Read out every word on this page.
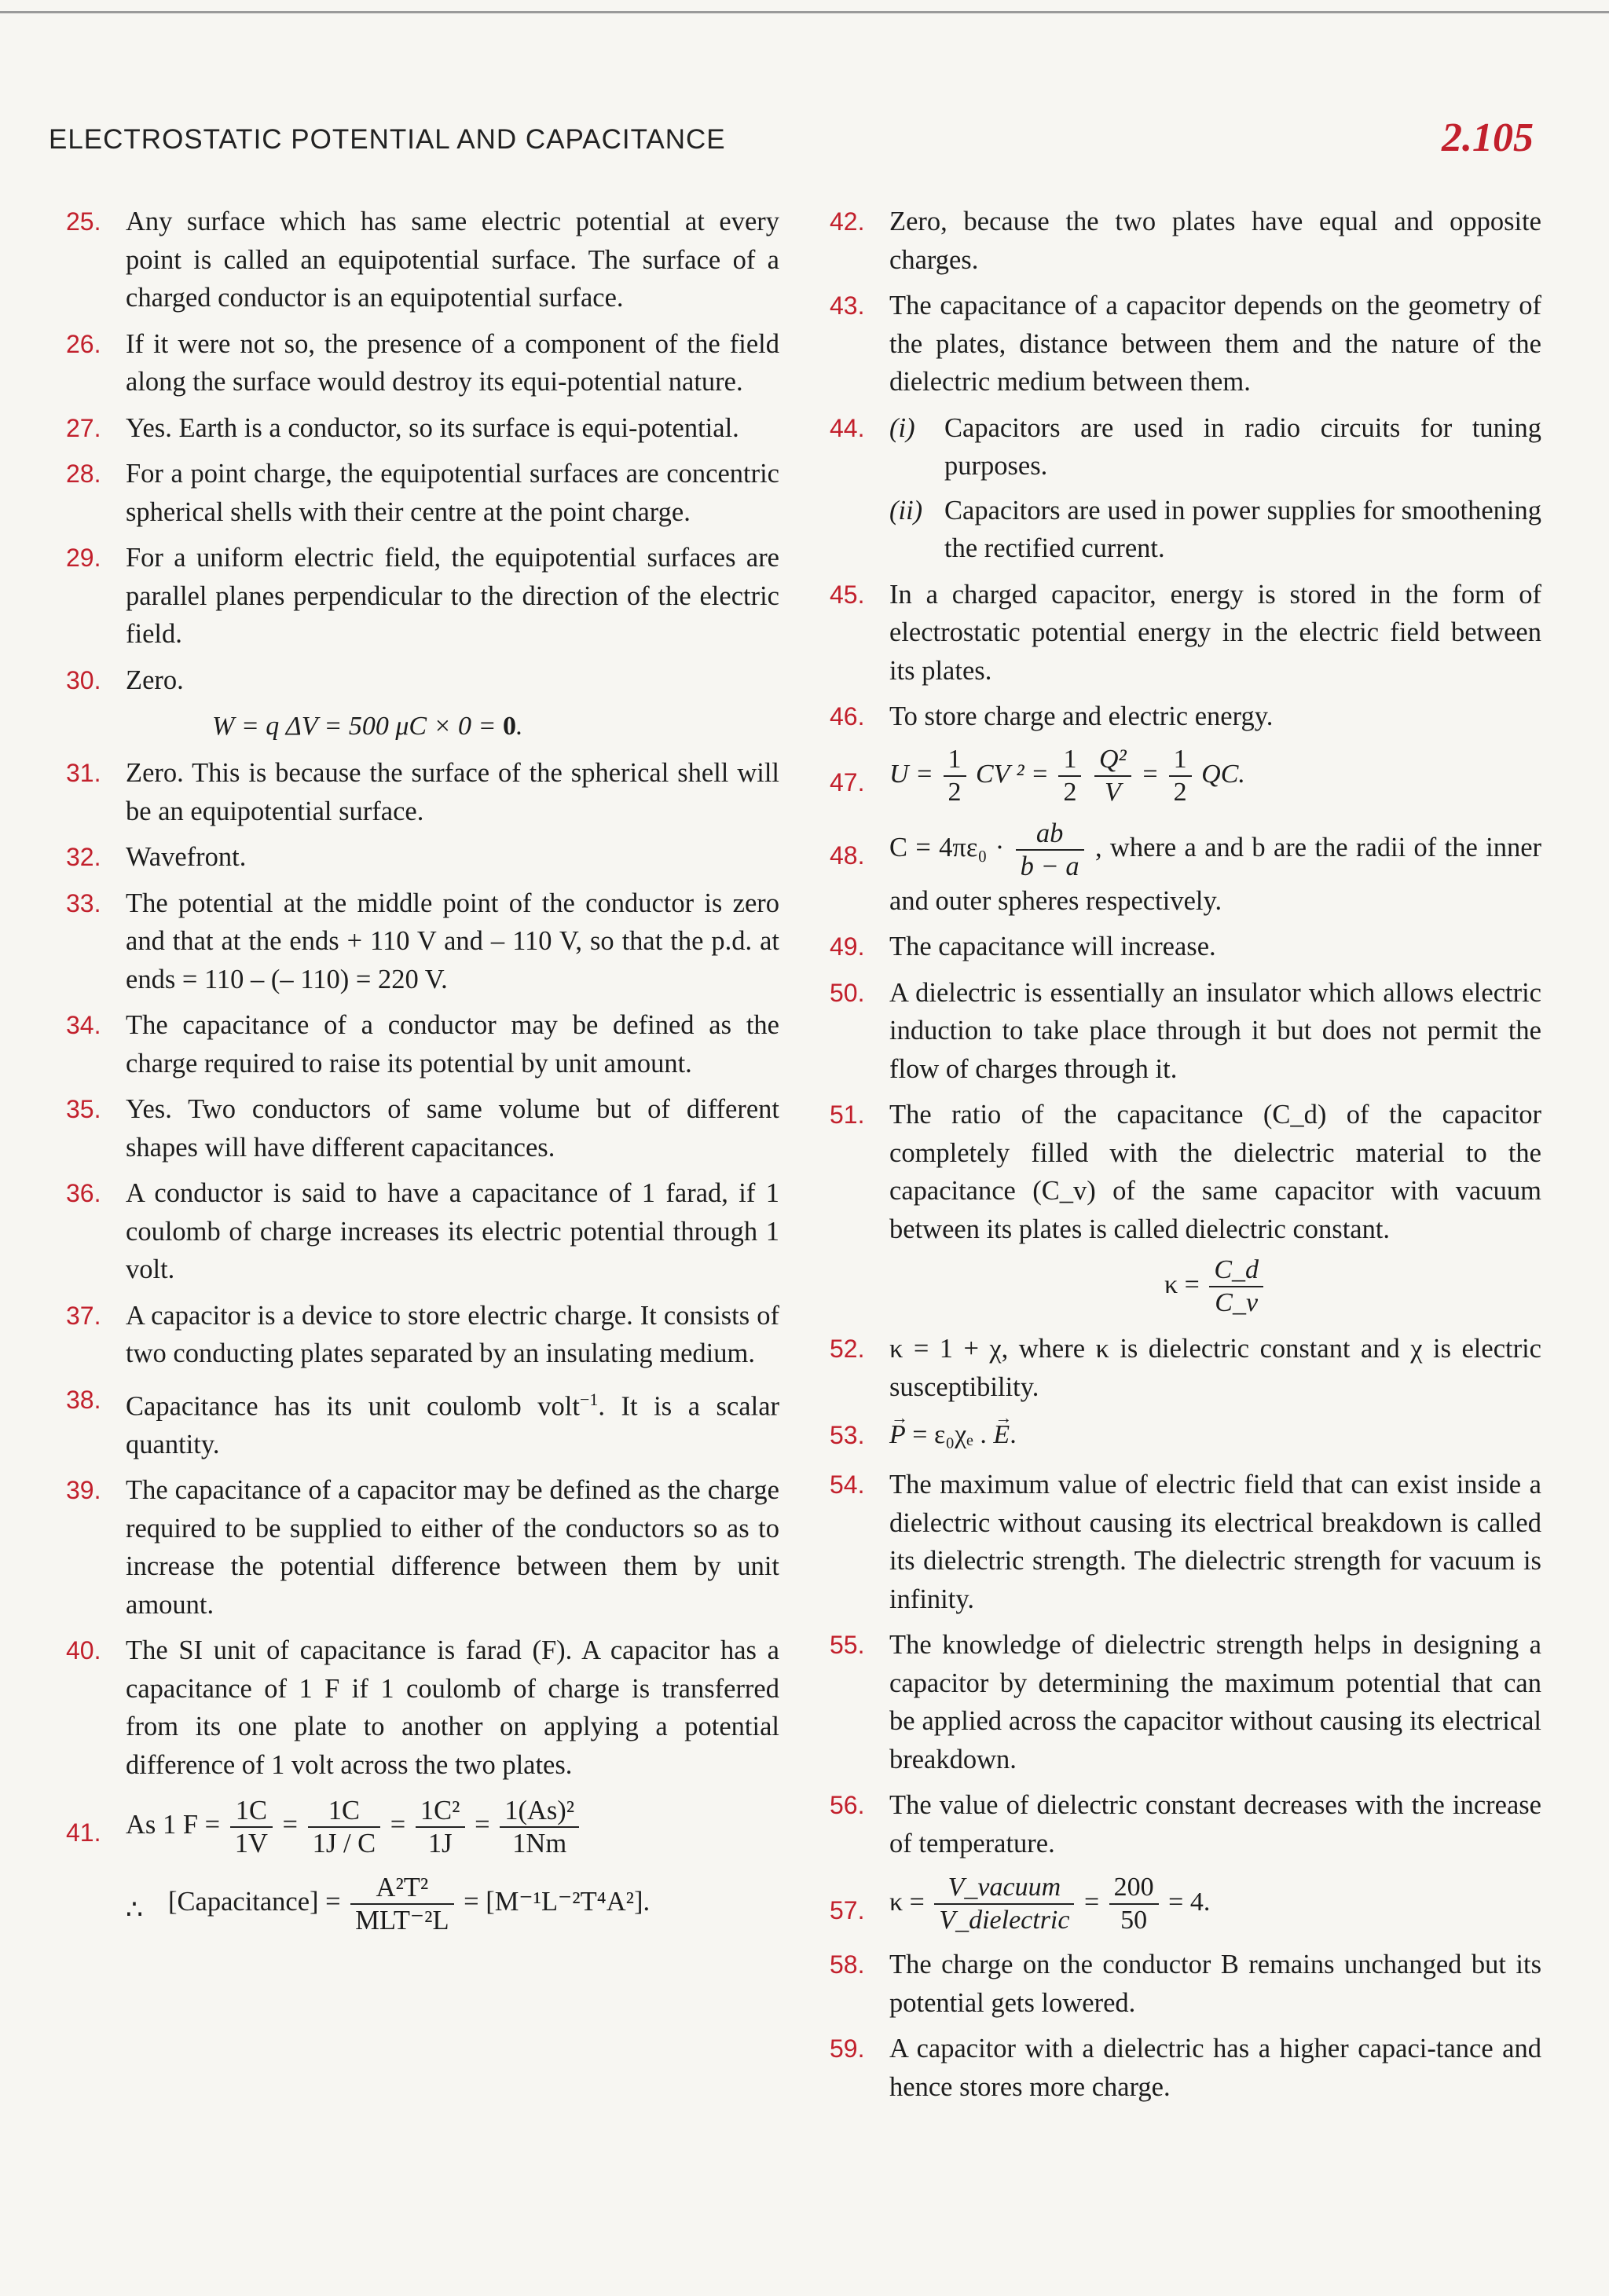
ELECTROSTATIC POTENTIAL AND CAPACITANCE	2.105
25. Any surface which has same electric potential at every point is called an equipotential surface. The surface of a charged conductor is an equipotential surface.
26. If it were not so, the presence of a component of the field along the surface would destroy its equi-potential nature.
27. Yes. Earth is a conductor, so its surface is equi-potential.
28. For a point charge, the equipotential surfaces are concentric spherical shells with their centre at the point charge.
29. For a uniform electric field, the equipotential surfaces are parallel planes perpendicular to the direction of the electric field.
30. Zero.
W = q ΔV = 500 μC × 0 = 0.
31. Zero. This is because the surface of the spherical shell will be an equipotential surface.
32. Wavefront.
33. The potential at the middle point of the conductor is zero and that at the ends + 110 V and – 110 V, so that the p.d. at ends = 110 – (– 110) = 220 V.
34. The capacitance of a conductor may be defined as the charge required to raise its potential by unit amount.
35. Yes. Two conductors of same volume but of different shapes will have different capacitances.
36. A conductor is said to have a capacitance of 1 farad, if 1 coulomb of charge increases its electric potential through 1 volt.
37. A capacitor is a device to store electric charge. It consists of two conducting plates separated by an insulating medium.
38. Capacitance has its unit coulomb volt$^{-1}$. It is a scalar quantity.
39. The capacitance of a capacitor may be defined as the charge required to be supplied to either of the conductors so as to increase the potential difference between them by unit amount.
40. The SI unit of capacitance is farad (F). A capacitor has a capacitance of 1 F if 1 coulomb of charge is transferred from its one plate to another on applying a potential difference of 1 volt across the two plates.
41. As 1 $F = \frac{1C}{1V} = \frac{1C}{1J / C} = \frac{\text{1C²}}{1J} = \frac{\text{1(As)²}}{1Nm}$
∴ [Capacitance] = $\frac{\text{A²T²}}{\text{MLT⁻²L}} = [M^{-1}L^{-2}T^4A^2]$.
42. Zero, because the two plates have equal and opposite charges.
43. The capacitance of a capacitor depends on the geometry of the plates, distance between them and the nature of the dielectric medium between them.
44. (i) Capacitors are used in radio circuits for tuning purposes.
(ii) Capacitors are used in power supplies for smoothening the rectified current.
45. In a charged capacitor, energy is stored in the form of electrostatic potential energy in the electric field between its plates.
46. To store charge and electric energy.
47. $U = \frac{1}{2}$ CV $^2 = \frac{1}{2}$
$\frac{\text{Q²}}{V} = \frac{1}{2}$ QC.
48. $C = 4\pi\varepsilon_0 \cdot \frac{ab}{b - a}$ , where a and b are the radii of the inner and outer spheres respectively.
49. The capacitance will increase.
50. A dielectric is essentially an insulator which allows electric induction to take place through it but does not permit the flow of charges through it.
51. The ratio of the capacitance (C_d) of the capacitor completely filled with the dielectric material to the capacitance (C_v) of the same capacitor with vacuum between its plates is called dielectric constant.
$\kappa = \frac{C\_d}{C\_v}$
52. κ = 1 + χ, where κ is dielectric constant and χ is electric susceptibility.
53.
→ P = ε₀χₑ . → E.
54. The maximum value of electric field that can exist inside a dielectric without causing its electrical breakdown is called its dielectric strength. The dielectric strength for vacuum is infinity.
55. The knowledge of dielectric strength helps in designing a capacitor by determining the maximum potential that can be applied across the capacitor without causing its electrical breakdown.
56. The value of dielectric constant decreases with the increase of temperature.
57. $\kappa = \frac{\text{V\_vacuum}}{\text{V\_dielectric}} = \frac{200}{50} = 4$.
58. The charge on the conductor B remains unchanged but its potential gets lowered.
59. A capacitor with a dielectric has a higher capaci-tance and hence stores more charge.
